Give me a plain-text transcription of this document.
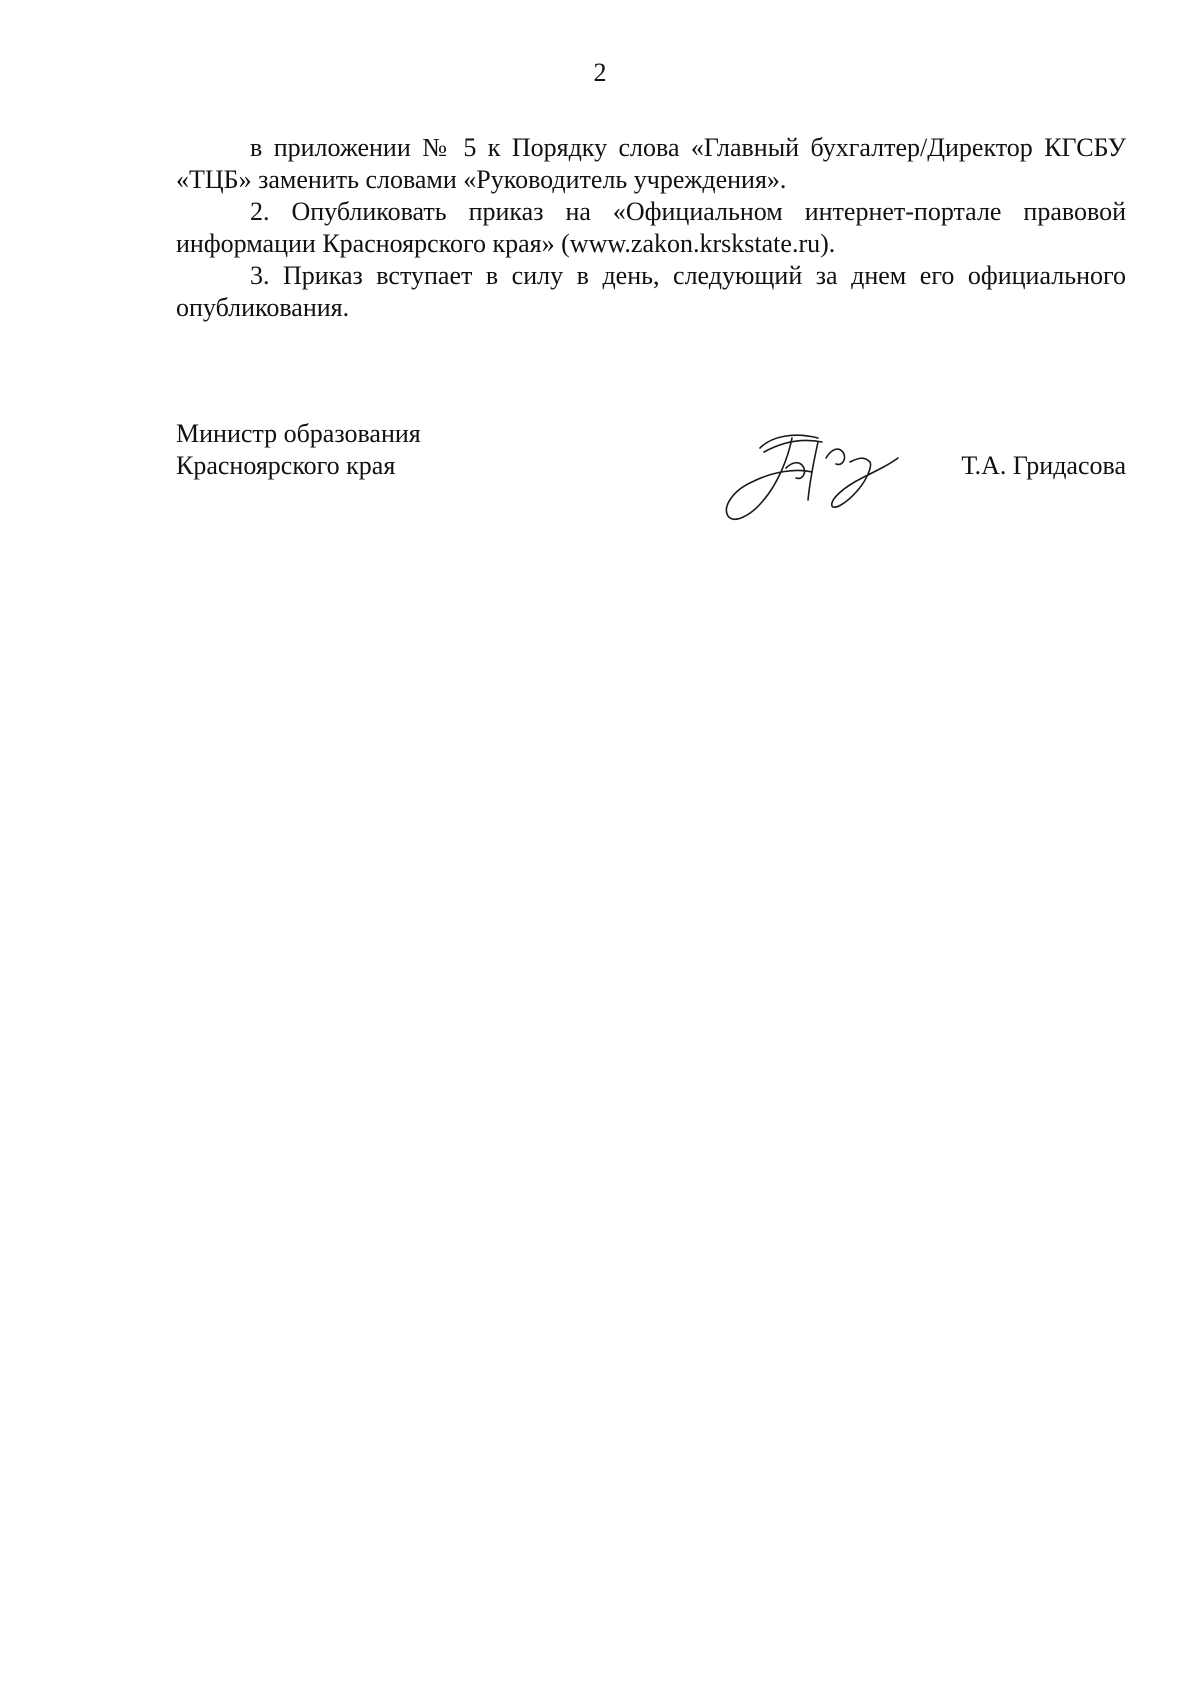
2

в приложении № 5 к Порядку слова «Главный бухгалтер/Директор КГСБУ «ТЦБ» заменить словами «Руководитель учреждения».

2. Опубликовать приказ на «Официальном интернет-портале правовой информации Красноярского края» (www.zakon.krskstate.ru).

3. Приказ вступает в силу в день, следующий за днем его официального опубликования.

Министр образования
Красноярского края	Т.А. Гридасова
